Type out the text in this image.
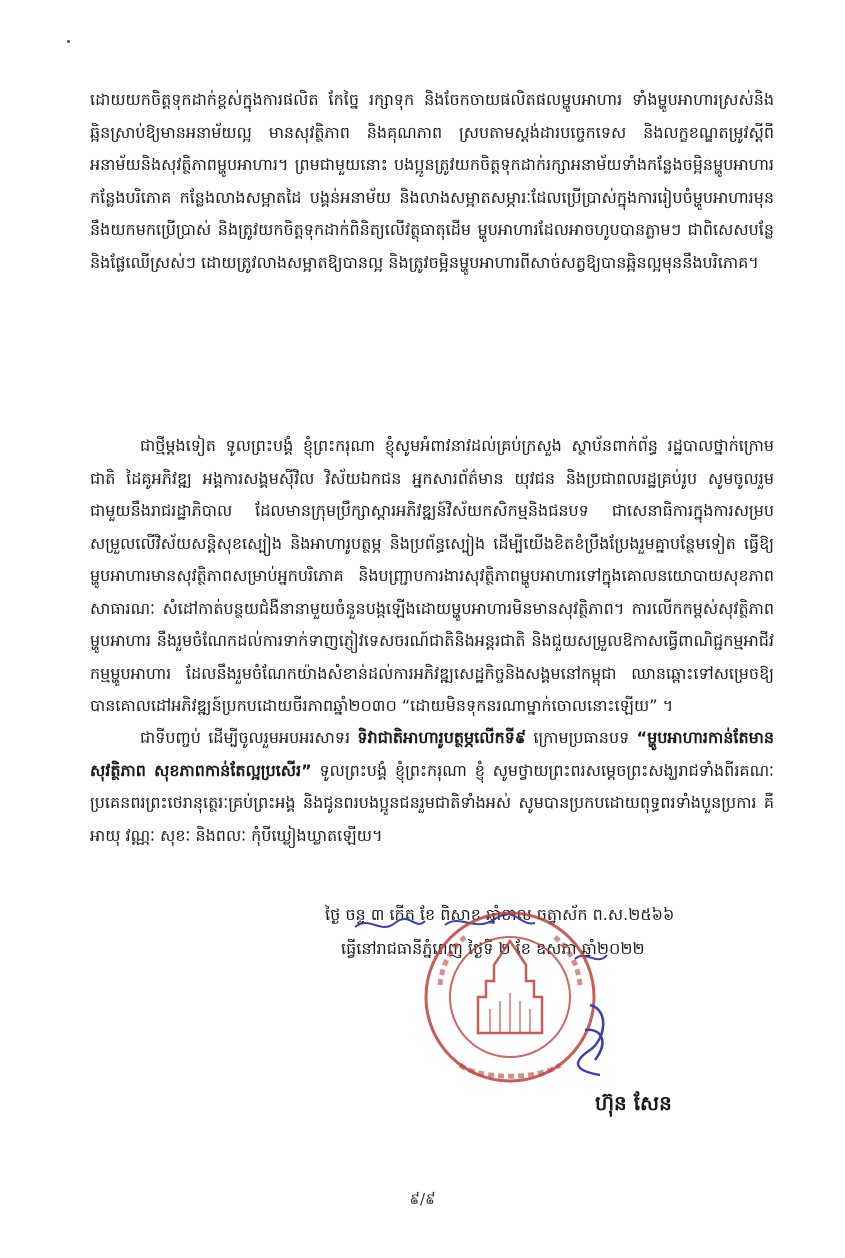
ដោយយកចិត្តទុកដាក់ខ្ពស់ក្នុងការផលិត កែច្នៃ រក្សាទុក និងចែកចាយផលិតផលម្ហូបអាហារ ទាំងម្ហូបអាហារស្រស់និងឆ្អិនស្រាប់ឱ្យមានអនាម័យល្អ មានសុវត្ថិភាព និងគុណភាព ស្របតាមស្តង់ដារបច្ចេកទេស និងលក្ខខណ្ឌតម្រូវស្តីពីអនាម័យនិងសុវត្ថិភាពម្ហូបអាហារ។ ព្រមជាមួយនោះ បងប្អូនត្រូវយកចិត្តទុកដាក់រក្សាអនាម័យទាំងកន្លែងចម្អិនម្ហូបអាហារ កន្លែងបរិភោគ កន្លែងលាងសម្អាតដៃ បង្គន់អនាម័យ និងលាងសម្អាតសម្ភារៈដែលប្រើប្រាស់ក្នុងការរៀបចំម្ហូបអាហារមុននឹងយកមកប្រើប្រាស់ និងត្រូវយកចិត្តទុកដាក់ពិនិត្យលើវត្ថុធាតុដើម ម្ហូបអាហារដែលអាចហូបបានភ្លាមៗ ជាពិសេសបន្លែនិងផ្លែឈើស្រស់ៗ ដោយត្រូវលាងសម្អាតឱ្យបានល្អ និងត្រូវចម្អិនម្ហូបអាហារពីសាច់សត្វឱ្យបានឆ្អិនល្អមុននឹងបរិភោគ។
ជាថ្មីម្តងទៀត ទូលព្រះបង្គំ ខ្ញុំព្រះករុណា ខ្ញុំសូមអំពាវនាវដល់គ្រប់ក្រសួង ស្ថាប័នពាក់ព័ន្ធ រដ្ឋបាលថ្នាក់ក្រោមជាតិ ដៃគូអភិវឌ្ឍ អង្គការសង្គមស៊ីវិល វិស័យឯកជន អ្នកសារព័ត៌មាន យុវជន និងប្រជាពលរដ្ឋគ្រប់រូប សូមចូលរួមជាមួយនឹងរាជរដ្ឋាភិបាល ដែលមានក្រុមប្រឹក្សាស្តារអភិវឌ្ឍន៍វិស័យកសិកម្មនិងជនបទ ជាសេនាធិការក្នុងការសម្របសម្រួលលើវិស័យសន្តិសុខស្បៀង និងអាហារូបត្ថម្ភ និងប្រព័ន្ធស្បៀង ដើម្បីយើងខិតខំប្រឹងប្រែងរួមគ្នាបន្ថែមទៀត ធ្វើឱ្យម្ហូបអាហារមានសុវត្ថិភាពសម្រាប់អ្នកបរិភោគ និងបញ្ជ្រាបការងារសុវត្ថិភាពម្ហូបអាហារទៅក្នុងគោលនយោបាយសុខភាពសាធារណៈ សំដៅកាត់បន្ថយជំងឺនានាមួយចំនួនបង្កឡើងដោយម្ហូបអាហារមិនមានសុវត្ថិភាព។ ការលើកកម្ពស់សុវត្ថិភាពម្ហូបអាហារ នឹងរួមចំណែកដល់ការទាក់ទាញភ្ញៀវទេសចរណ៍ជាតិនិងអន្តរជាតិ និងជួយសម្រួលឱកាសធ្វើពាណិជ្ជកម្មអាជីវកម្មម្ហូបអាហារ ដែលនឹងរួមចំណែកយ៉ាងសំខាន់ដល់ការអភិវឌ្ឍសេដ្ឋកិច្ចនិងសង្គមនៅកម្ពុជា ឈានឆ្ពោះទៅសម្រេចឱ្យបានគោលដៅអភិវឌ្ឍន៍ប្រកបដោយចីរភាពឆ្នាំ២០៣០ “ដោយមិនទុកនរណាម្នាក់ចោលនោះឡើយ” ។
ជាទីបញ្ចប់ ដើម្បីចូលរួមអបអរសាទរ ទិវាជាតិអាហារូបត្ថម្ភលើកទី៩ ក្រោមប្រធានបទ “ម្ហូបអាហារកាន់តែមានសុវត្ថិភាព សុខភាពកាន់តែល្អប្រសើរ” ទូលព្រះបង្គំ ខ្ញុំព្រះករុណា ខ្ញុំ សូមថ្វាយព្រះពរសម្តេចព្រះសង្ឃរាជទាំងពីរគណៈ ប្រគេនពរព្រះថេរានុត្ថេរៈគ្រប់ព្រះអង្គ និងជូនពរបងប្អូនជនរួមជាតិទាំងអស់ សូមបានប្រកបដោយពុទ្ធពរទាំងបួនប្រការ គឺ អាយុ វណ្ណៈ សុខៈ និងពលៈ កុំបីឃ្លៀងឃ្លាតឡើយ។
ថ្ងៃ ចន្ទ ៣ កើត ខែ ពិសាខ ឆ្នាំខាល ចត្វាស័ក ព.ស.២៥៦៦
ធ្វើនៅរាជធានីភ្នំពេញ ថ្ងៃទី ២ ខែ ឧសភា ឆ្នាំ២០២២
ហ៊ុន សែន
៩/៩
